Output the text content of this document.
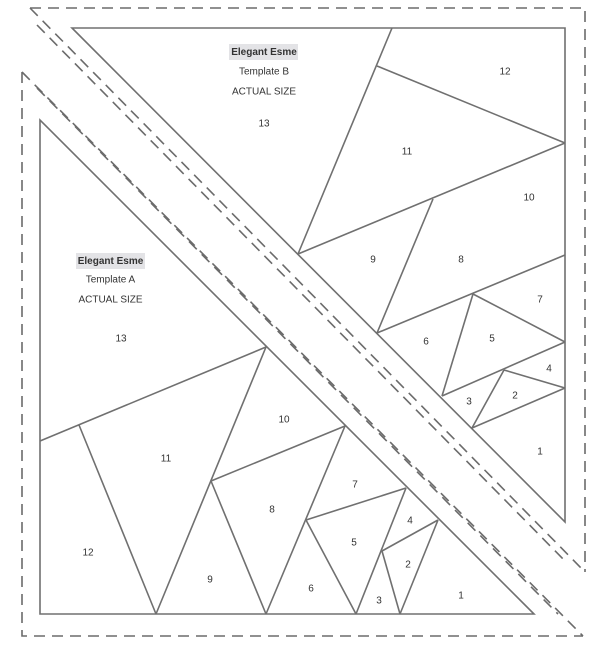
Elegant Esme
Template B
ACTUAL SIZE
13
12
11
10
9	8
7
6	5
4
3
2
1
Elegant Esme
Template A
ACTUAL SIZE
13
12
11
10
9
8
7
6
5
4
3
2
1
